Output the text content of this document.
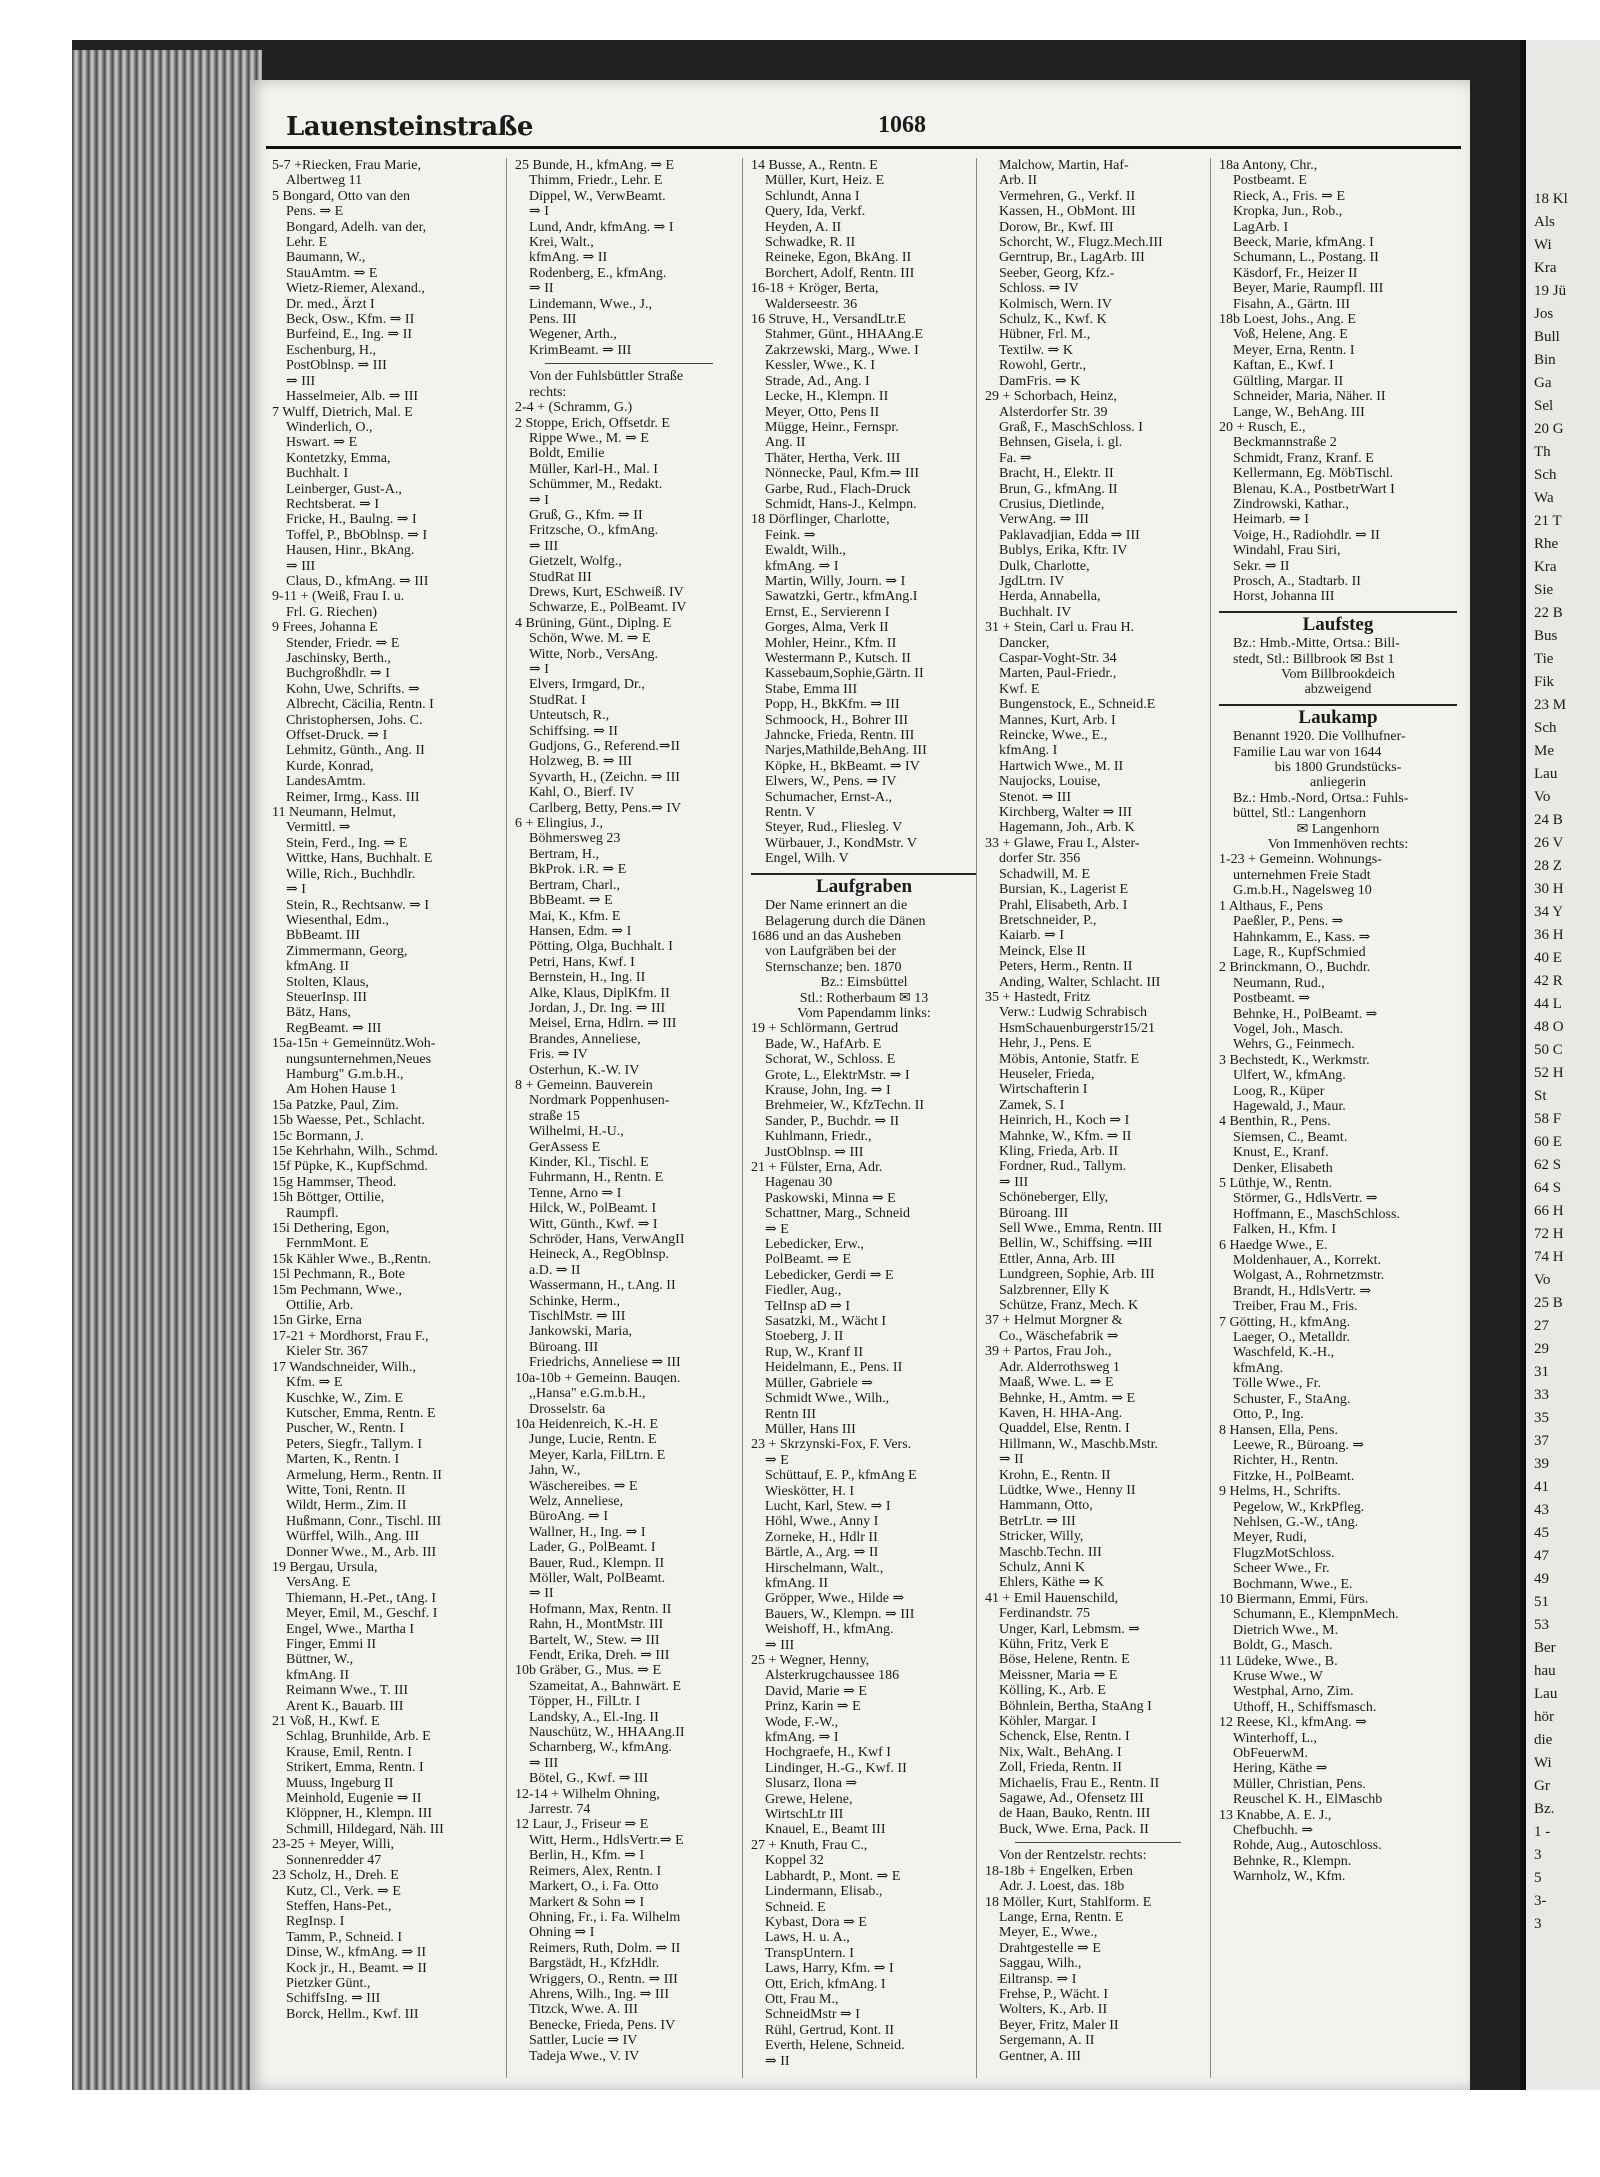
18 Kl
Als
Wi
Kra
19 Jü
Jos
Bull
Bin
Ga
Sel
20 G
Th
Sch
Wa
21 T
Rhe
Kra
Sie
22 B
Bus
Tie
Fik
23 M
Sch
Me
Lau
Vo
24 B
26 V
28 Z
30 H
34 Y
36 H
40 E
42 R
44 L
48 O
50 C
52 H
St
58 F
60 E
62 S
64 S
66 H
72 H
74 H
Vo
25 B
27
29
31
33
35
37
39
41
43
45
47
49
51
53
Ber
hau
Lau
hör
die
Wi
Gr
Bz.
1 -
3
5
3-
3
Lauensteinstraße	1068
5-7 +Riecken, Frau Marie,
Albertweg 11
5 Bongard, Otto van den
Pens. ⇒ E
Bongard, Adelh. van der,
Lehr. E
Baumann, W.,
StauAmtm. ⇒ E
Wietz-Riemer, Alexand.,
Dr. med., Ärzt I
Beck, Osw., Kfm. ⇒ II
Burfeind, E., Ing. ⇒ II
Eschenburg, H.,
PostOblnsp. ⇒ III
⇒ III
Hasselmeier, Alb. ⇒ III
7 Wulff, Dietrich, Mal. E
Winderlich, O.,
Hswart. ⇒ E
Kontetzky, Emma,
Buchhalt. I
Leinberger, Gust-A.,
Rechtsberat. ⇒ I
Fricke, H., Baulng. ⇒ I
Toffel, P., BbOblnsp. ⇒ I
Hausen, Hinr., BkAng.
⇒ III
Claus, D., kfmAng. ⇒ III
9-11 + (Weiß, Frau I. u.
Frl. G. Riechen)
9 Frees, Johanna E
Stender, Friedr. ⇒ E
Jaschinsky, Berth.,
Buchgroßhdlr. ⇒ I
Kohn, Uwe, Schrifts. ⇒
Albrecht, Cäcilia, Rentn. I
Christophersen, Johs. C.
Offset-Druck. ⇒ I
Lehmitz, Günth., Ang. II
Kurde, Konrad,
LandesAmtm.
Reimer, Irmg., Kass. III
11 Neumann, Helmut,
Vermittl. ⇒
Stein, Ferd., Ing. ⇒ E
Wittke, Hans, Buchhalt. E
Wille, Rich., Buchhdlr.
⇒ I
Stein, R., Rechtsanw. ⇒ I
Wiesenthal, Edm.,
BbBeamt. III
Zimmermann, Georg,
kfmAng. II
Stolten, Klaus,
SteuerInsp. III
Bätz, Hans,
RegBeamt. ⇒ III
15a-15n + Gemeinnütz.Woh-
nungsunternehmen,Neues
Hamburg" G.m.b.H.,
Am Hohen Hause 1
15a Patzke, Paul, Zim.
15b Waesse, Pet., Schlacht.
15c Bormann, J.
15e Kehrhahn, Wilh., Schmd.
15f Püpke, K., KupfSchmd.
15g Hammser, Theod.
15h Böttger, Ottilie,
Raumpfl.
15i Dethering, Egon,
FernmMont. E
15k Kähler Wwe., B.,Rentn.
15l Pechmann, R., Bote
15m Pechmann, Wwe.,
Ottilie, Arb.
15n Girke, Erna
17-21 + Mordhorst, Frau F.,
Kieler Str. 367
17 Wandschneider, Wilh.,
Kfm. ⇒ E
Kuschke, W., Zim. E
Kutscher, Emma, Rentn. E
Puscher, W., Rentn. I
Peters, Siegfr., Tallym. I
Marten, K., Rentn. I
Armelung, Herm., Rentn. II
Witte, Toni, Rentn. II
Wildt, Herm., Zim. II
Hußmann, Conr., Tischl. III
Würffel, Wilh., Ang. III
Donner Wwe., M., Arb. III
19 Bergau, Ursula,
VersAng. E
Thiemann, H.-Pet., tAng. I
Meyer, Emil, M., Geschf. I
Engel, Wwe., Martha I
Finger, Emmi II
Büttner, W.,
kfmAng. II
Reimann Wwe., T. III
Arent K., Bauarb. III
21 Voß, H., Kwf. E
Schlag, Brunhilde, Arb. E
Krause, Emil, Rentn. I
Strikert, Emma, Rentn. I
Muuss, Ingeburg II
Meinhold, Eugenie ⇒ II
Klöppner, H., Klempn. III
Schmill, Hildegard, Näh. III
23-25 + Meyer, Willi,
Sonnenredder 47
23 Scholz, H., Dreh. E
Kutz, Cl., Verk. ⇒ E
Steffen, Hans-Pet.,
RegInsp. I
Tamm, P., Schneid. I
Dinse, W., kfmAng. ⇒ II
Kock jr., H., Beamt. ⇒ II
Pietzker Günt.,
SchiffsIng. ⇒ III
Borck, Hellm., Kwf. III
25 Bunde, H., kfmAng. ⇒ E
Thimm, Friedr., Lehr. E
Dippel, W., VerwBeamt.
⇒ I
Lund, Andr, kfmAng. ⇒ I
Krei, Walt.,
kfmAng. ⇒ II
Rodenberg, E., kfmAng.
⇒ II
Lindemann, Wwe., J.,
Pens. III
Wegener, Arth.,
KrimBeamt. ⇒ III
Von der Fuhlsbüttler Straße
rechts:
2-4 + (Schramm, G.)
2 Stoppe, Erich, Offsetdr. E
Rippe Wwe., M. ⇒ E
Boldt, Emilie
Müller, Karl-H., Mal. I
Schümmer, M., Redakt.
⇒ I
Gruß, G., Kfm. ⇒ II
Fritzsche, O., kfmAng.
⇒ III
Gietzelt, Wolfg.,
StudRat III
Drews, Kurt, ESchweiß. IV
Schwarze, E., PolBeamt. IV
4 Brüning, Günt., Diplng. E
Schön, Wwe. M. ⇒ E
Witte, Norb., VersAng.
⇒ I
Elvers, Irmgard, Dr.,
StudRat. I
Unteutsch, R.,
Schiffsing. ⇒ II
Gudjons, G., Referend.⇒II
Holzweg, B. ⇒ III
Syvarth, H., (Zeichn. ⇒ III
Kahl, O., Bierf. IV
Carlberg, Betty, Pens.⇒ IV
6 + Elingius, J.,
Böhmersweg 23
Bertram, H.,
BkProk. i.R. ⇒ E
Bertram, Charl.,
BbBeamt. ⇒ E
Mai, K., Kfm. E
Hansen, Edm. ⇒ I
Pötting, Olga, Buchhalt. I
Petri, Hans, Kwf. I
Bernstein, H., Ing. II
Alke, Klaus, DiplKfm. II
Jordan, J., Dr. Ing. ⇒ III
Meisel, Erna, Hdlrn. ⇒ III
Brandes, Anneliese,
Fris. ⇒ IV
Osterhun, K.-W. IV
8 + Gemeinn. Bauverein
Nordmark Poppenhusen-
straße 15
Wilhelmi, H.-U.,
GerAssess E
Kinder, Kl., Tischl. E
Fuhrmann, H., Rentn. E
Tenne, Arno ⇒ I
Hilck, W., PolBeamt. I
Witt, Günth., Kwf. ⇒ I
Schröder, Hans, VerwAngII
Heineck, A., RegOblnsp.
a.D. ⇒ II
Wassermann, H., t.Ang. II
Schinke, Herm.,
TischlMstr. ⇒ III
Jankowski, Maria,
Büroang. III
Friedrichs, Anneliese ⇒ III
10a-10b + Gemeinn. Bauqen.
,,Hansa" e.G.m.b.H.,
Drosselstr. 6a
10a Heidenreich, K.-H. E
Junge, Lucie, Rentn. E
Meyer, Karla, FilLtrn. E
Jahn, W.,
Wäschereibes. ⇒ E
Welz, Anneliese,
BüroAng. ⇒ I
Wallner, H., Ing. ⇒ I
Lader, G., PolBeamt. I
Bauer, Rud., Klempn. II
Möller, Walt, PolBeamt.
⇒ II
Hofmann, Max, Rentn. II
Rahn, H., MontMstr. III
Bartelt, W., Stew. ⇒ III
Fendt, Erika, Dreh. ⇒ III
10b Gräber, G., Mus. ⇒ E
Szameitat, A., Bahnwärt. E
Töpper, H., FilLtr. I
Landsky, A., El.-Ing. II
Nauschütz, W., HHAAng.II
Scharnberg, W., kfmAng.
⇒ III
Bötel, G., Kwf. ⇒ III
12-14 + Wilhelm Ohning,
Jarrestr. 74
12 Laur, J., Friseur ⇒ E
Witt, Herm., HdlsVertr.⇒ E
Berlin, H., Kfm. ⇒ I
Reimers, Alex, Rentn. I
Markert, O., i. Fa. Otto
Markert & Sohn ⇒ I
Ohning, Fr., i. Fa. Wilhelm
Ohning ⇒ I
Reimers, Ruth, Dolm. ⇒ II
Bargstädt, H., KfzHdlr.
Wriggers, O., Rentn. ⇒ III
Ahrens, Wilh., Ing. ⇒ III
Titzck, Wwe. A. III
Benecke, Frieda, Pens. IV
Sattler, Lucie ⇒ IV
Tadeja Wwe., V. IV
14 Busse, A., Rentn. E
Müller, Kurt, Heiz. E
Schlundt, Anna I
Query, Ida, Verkf.
Heyden, A. II
Schwadke, R. II
Reineke, Egon, BkAng. II
Borchert, Adolf, Rentn. III
16-18 + Kröger, Berta,
Walderseestr. 36
16 Struve, H., VersandLtr.E
Stahmer, Günt., HHAAng.E
Zakrzewski, Marg., Wwe. I
Kessler, Wwe., K. I
Strade, Ad., Ang. I
Lecke, H., Klempn. II
Meyer, Otto, Pens II
Mügge, Heinr., Fernspr.
Ang. II
Thäter, Hertha, Verk. III
Nönnecke, Paul, Kfm.⇒ III
Garbe, Rud., Flach-Druck
Schmidt, Hans-J., Kelmpn.
18 Dörflinger, Charlotte,
Feink. ⇒
Ewaldt, Wilh.,
kfmAng. ⇒ I
Martin, Willy, Journ. ⇒ I
Sawatzki, Gertr., kfmAng.I
Ernst, E., Servierenn I
Gorges, Alma, Verk II
Mohler, Heinr., Kfm. II
Westermann P., Kutsch. II
Kassebaum,Sophie,Gärtn. II
Stabe, Emma III
Popp, H., BkKfm. ⇒ III
Schmoock, H., Bohrer III
Jahncke, Frieda, Rentn. III
Narjes,Mathilde,BehAng. III
Köpke, H., BkBeamt. ⇒ IV
Elwers, W., Pens. ⇒ IV
Schumacher, Ernst-A.,
Rentn. V
Steyer, Rud., Fliesleg. V
Würbauer, J., KondMstr. V
Engel, Wilh. V
Laufgraben
Der Name erinnert an die
Belagerung durch die Dänen
1686 und an das Ausheben
von Laufgräben bei der
Sternschanze; ben. 1870
Bz.: Eimsbüttel
Stl.: Rotherbaum ✉ 13
Vom Papendamm links:
19 + Schlörmann, Gertrud
Bade, W., HafArb. E
Schorat, W., Schloss. E
Grote, L., ElektrMstr. ⇒ I
Krause, John, Ing. ⇒ I
Brehmeier, W., KfzTechn. II
Sander, P., Buchdr. ⇒ II
Kuhlmann, Friedr.,
JustOblnsp. ⇒ III
21 + Fülster, Erna, Adr.
Hagenau 30
Paskowski, Minna ⇒ E
Schattner, Marg., Schneid
⇒ E
Lebedicker, Erw.,
PolBeamt. ⇒ E
Lebedicker, Gerdi ⇒ E
Fiedler, Aug.,
TelInsp aD ⇒ I
Sasatzki, M., Wächt I
Stoeberg, J. II
Rup, W., Kranf II
Heidelmann, E., Pens. II
Müller, Gabriele ⇒
Schmidt Wwe., Wilh.,
Rentn III
Müller, Hans III
23 + Skrzynski-Fox, F. Vers.
⇒ E
Schüttauf, E. P., kfmAng E
Wieskötter, H. I
Lucht, Karl, Stew. ⇒ I
Höhl, Wwe., Anny I
Zorneke, H., Hdlr II
Bärtle, A., Arg. ⇒ II
Hirschelmann, Walt.,
kfmAng. II
Gröpper, Wwe., Hilde ⇒
Bauers, W., Klempn. ⇒ III
Weishoff, H., kfmAng.
⇒ III
25 + Wegner, Henny,
Alsterkrugchaussee 186
David, Marie ⇒ E
Prinz, Karin ⇒ E
Wode, F.-W.,
kfmAng. ⇒ I
Hochgraefe, H., Kwf I
Lindinger, H.-G., Kwf. II
Slusarz, Ilona ⇒
Grewe, Helene,
WirtschLtr III
Knauel, E., Beamt III
27 + Knuth, Frau C.,
Koppel 32
Labhardt, P., Mont. ⇒ E
Lindermann, Elisab.,
Schneid. E
Kybast, Dora ⇒ E
Laws, H. u. A.,
TranspUntern. I
Laws, Harry, Kfm. ⇒ I
Ott, Erich, kfmAng. I
Ott, Frau M.,
SchneidMstr ⇒ I
Rühl, Gertrud, Kont. II
Everth, Helene, Schneid.
⇒ II
Malchow, Martin, Haf-
Arb. II
Vermehren, G., Verkf. II
Kassen, H., ObMont. III
Dorow, Br., Kwf. III
Schorcht, W., Flugz.Mech.III
Gerntrup, Br., LagArb. III
Seeber, Georg, Kfz.-
Schloss. ⇒ IV
Kolmisch, Wern. IV
Schulz, K., Kwf. K
Hübner, Frl. M.,
Textilw. ⇒ K
Rowohl, Gertr.,
DamFris. ⇒ K
29 + Schorbach, Heinz,
Alsterdorfer Str. 39
Graß, F., MaschSchloss. I
Behnsen, Gisela, i. gl.
Fa. ⇒
Bracht, H., Elektr. II
Brun, G., kfmAng. II
Crusius, Dietlinde,
VerwAng. ⇒ III
Paklavadjian, Edda ⇒ III
Bublys, Erika, Kftr. IV
Dulk, Charlotte,
JgdLtrn. IV
Herda, Annabella,
Buchhalt. IV
31 + Stein, Carl u. Frau H.
Dancker,
Caspar-Voght-Str. 34
Marten, Paul-Friedr.,
Kwf. E
Bungenstock, E., Schneid.E
Mannes, Kurt, Arb. I
Reincke, Wwe., E.,
kfmAng. I
Hartwich Wwe., M. II
Naujocks, Louise,
Stenot. ⇒ III
Kirchberg, Walter ⇒ III
Hagemann, Joh., Arb. K
33 + Glawe, Frau I., Alster-
dorfer Str. 356
Schadwill, M. E
Bursian, K., Lagerist E
Prahl, Elisabeth, Arb. I
Bretschneider, P.,
Kaiarb. ⇒ I
Meinck, Else II
Peters, Herm., Rentn. II
Anding, Walter, Schlacht. III
35 + Hastedt, Fritz
Verw.: Ludwig Schrabisch
HsmSchauenburgerstr15/21
Hehr, J., Pens. E
Möbis, Antonie, Statfr. E
Heuseler, Frieda,
Wirtschafterin I
Zamek, S. I
Heinrich, H., Koch ⇒ I
Mahnke, W., Kfm. ⇒ II
Kling, Frieda, Arb. II
Fordner, Rud., Tallym.
⇒ III
Schöneberger, Elly,
Büroang. III
Sell Wwe., Emma, Rentn. III
Bellin, W., Schiffsing. ⇒III
Ettler, Anna, Arb. III
Lundgreen, Sophie, Arb. III
Salzbrenner, Elly K
Schütze, Franz, Mech. K
37 + Helmut Morgner &
Co., Wäschefabrik ⇒
39 + Partos, Frau Joh.,
Adr. Alderrothsweg 1
Maaß, Wwe. L. ⇒ E
Behnke, H., Amtm. ⇒ E
Kaven, H. HHA-Ang.
Quaddel, Else, Rentn. I
Hillmann, W., Maschb.Mstr.
⇒ II
Krohn, E., Rentn. II
Lüdtke, Wwe., Henny II
Hammann, Otto,
BetrLtr. ⇒ III
Stricker, Willy,
Maschb.Techn. III
Schulz, Anni K
Ehlers, Käthe ⇒ K
41 + Emil Hauenschild,
Ferdinandstr. 75
Unger, Karl, Lebmsm. ⇒
Kühn, Fritz, Verk E
Böse, Helene, Rentn. E
Meissner, Maria ⇒ E
Kölling, K., Arb. E
Böhnlein, Bertha, StaAng I
Köhler, Margar. I
Schenck, Else, Rentn. I
Nix, Walt., BehAng. I
Zoll, Frieda, Rentn. II
Michaelis, Frau E., Rentn. II
Sagawe, Ad., Ofensetz III
de Haan, Bauko, Rentn. III
Buck, Wwe. Erna, Pack. II
Von der Rentzelstr. rechts:
18-18b + Engelken, Erben
Adr. J. Loest, das. 18b
18 Möller, Kurt, Stahlform. E
Lange, Erna, Rentn. E
Meyer, E., Wwe.,
Drahtgestelle ⇒ E
Saggau, Wilh.,
Eiltransp. ⇒ I
Frehse, P., Wächt. I
Wolters, K., Arb. II
Beyer, Fritz, Maler II
Sergemann, A. II
Gentner, A. III
18a Antony, Chr.,
Postbeamt. E
Rieck, A., Fris. ⇒ E
Kropka, Jun., Rob.,
LagArb. I
Beeck, Marie, kfmAng. I
Schumann, L., Postang. II
Käsdorf, Fr., Heizer II
Beyer, Marie, Raumpfl. III
Fisahn, A., Gärtn. III
18b Loest, Johs., Ang. E
Voß, Helene, Ang. E
Meyer, Erna, Rentn. I
Kaftan, E., Kwf. I
Gültling, Margar. II
Schneider, Maria, Näher. II
Lange, W., BehAng. III
20 + Rusch, E.,
Beckmannstraße 2
Schmidt, Franz, Kranf. E
Kellermann, Eg. MöbTischl.
Blenau, K.A., PostbetrWart I
Zindrowski, Kathar.,
Heimarb. ⇒ I
Voige, H., Radiohdlr. ⇒ II
Windahl, Frau Siri,
Sekr. ⇒ II
Prosch, A., Stadtarb. II
Horst, Johanna III
Laufsteg
Bz.: Hmb.-Mitte, Ortsa.: Bill-
stedt, Stl.: Billbrook ✉ Bst 1
Vom Billbrookdeich
abzweigend
Laukamp
Benannt 1920. Die Vollhufner-
Familie Lau war von 1644
bis 1800 Grundstücks-
anliegerin
Bz.: Hmb.-Nord, Ortsa.: Fuhls-
büttel, Stl.: Langenhorn
✉ Langenhorn
Von Immenhöven rechts:
1-23 + Gemeinn. Wohnungs-
unternehmen Freie Stadt
G.m.b.H., Nagelsweg 10
1 Althaus, F., Pens
Paeßler, P., Pens. ⇒
Hahnkamm, E., Kass. ⇒
Lage, R., KupfSchmied
2 Brinckmann, O., Buchdr.
Neumann, Rud.,
Postbeamt. ⇒
Behnke, H., PolBeamt. ⇒
Vogel, Joh., Masch.
Wehrs, G., Feinmech.
3 Bechstedt, K., Werkmstr.
Ulfert, W., kfmAng.
Loog, R., Küper
Hagewald, J., Maur.
4 Benthin, R., Pens.
Siemsen, C., Beamt.
Knust, E., Kranf.
Denker, Elisabeth
5 Lüthje, W., Rentn.
Störmer, G., HdlsVertr. ⇒
Hoffmann, E., MaschSchloss.
Falken, H., Kfm. I
6 Haedge Wwe., E.
Moldenhauer, A., Korrekt.
Wolgast, A., Rohrnetzmstr.
Brandt, H., HdlsVertr. ⇒
Treiber, Frau M., Fris.
7 Götting, H., kfmAng.
Laeger, O., Metalldr.
Waschfeld, K.-H.,
kfmAng.
Tölle Wwe., Fr.
Schuster, F., StaAng.
Otto, P., Ing.
8 Hansen, Ella, Pens.
Leewe, R., Büroang. ⇒
Richter, H., Rentn.
Fitzke, H., PolBeamt.
9 Helms, H., Schrifts.
Pegelow, W., KrkPfleg.
Nehlsen, G.-W., tAng.
Meyer, Rudi,
FlugzMotSchloss.
Scheer Wwe., Fr.
Bochmann, Wwe., E.
10 Biermann, Emmi, Fürs.
Schumann, E., KlempnMech.
Dietrich Wwe., M.
Boldt, G., Masch.
11 Lüdeke, Wwe., B.
Kruse Wwe., W
Westphal, Arno, Zim.
Uthoff, H., Schiffsmasch.
12 Reese, Kl., kfmAng. ⇒
Winterhoff, L.,
ObFeuerwM.
Hering, Käthe ⇒
Müller, Christian, Pens.
Reuschel K. H., ElMaschb
13 Knabbe, A. E. J.,
Chefbuchh. ⇒
Rohde, Aug., Autoschloss.
Behnke, R., Klempn.
Warnholz, W., Kfm.
